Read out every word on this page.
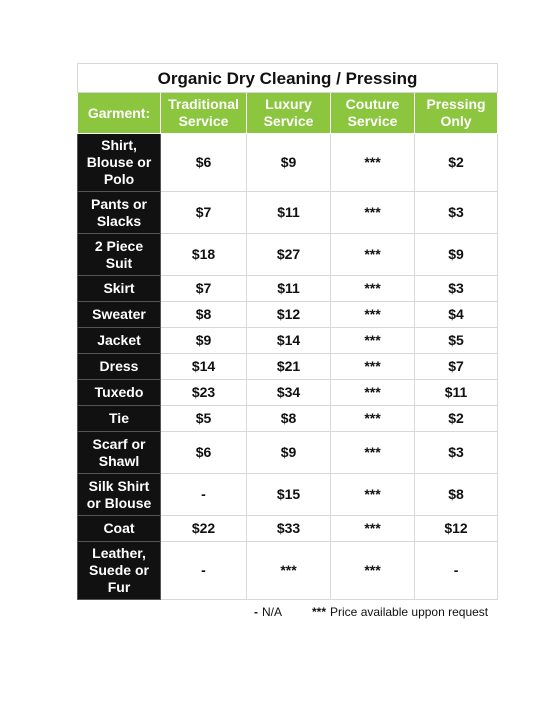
Organic Dry Cleaning / Pressing				
Garment:	Traditional Service	Luxury Service	Couture Service	Pressing Only
Shirt, Blouse or Polo	$6	$9	***	$2
Pants or Slacks	$7	$11	***	$3
2 Piece Suit	$18	$27	***	$9
Skirt	$7	$11	***	$3
Sweater	$8	$12	***	$4
Jacket	$9	$14	***	$5
Dress	$14	$21	***	$7
Tuxedo	$23	$34	***	$11
Tie	$5	$8	***	$2
Scarf or Shawl	$6	$9	***	$3
Silk Shirt or Blouse	-	$15	***	$8
Coat	$22	$33	***	$12
Leather, Suede or Fur	-	***	***	-
- N/A *** Price available uppon request
